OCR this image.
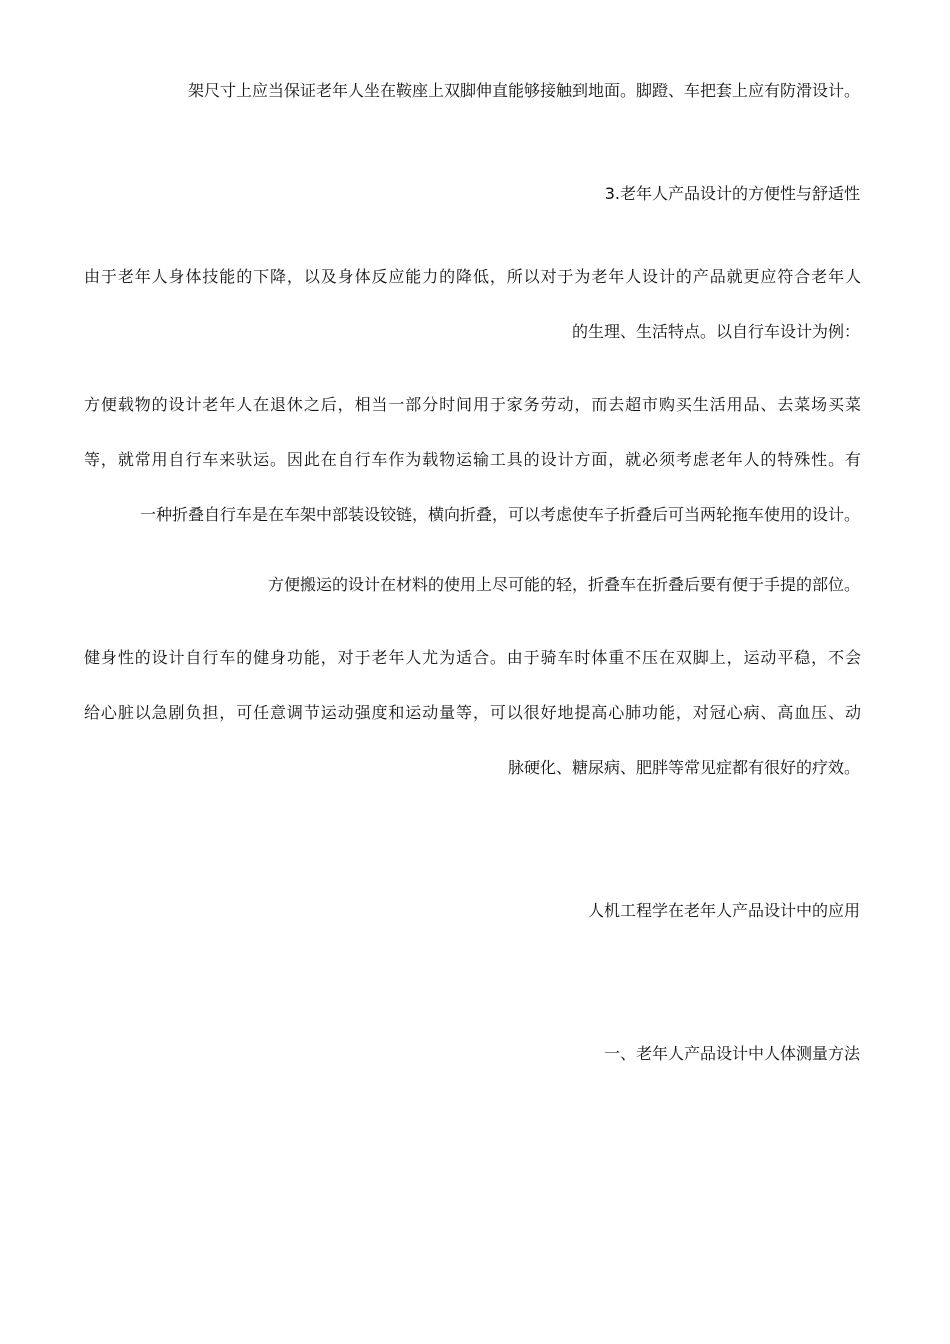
架尺寸上应当保证老年人坐在鞍座上双脚伸直能够接触到地面。脚蹬、车把套上应有防滑设计。
3.老年人产品设计的方便性与舒适性
由于老年人身体技能的下降，以及身体反应能力的降低，所以对于为老年人设计的产品就更应符合老年人
的生理、生活特点。以自行车设计为例：
方便载物的设计老年人在退休之后，相当一部分时间用于家务劳动，而去超市购买生活用品、去菜场买菜
等，就常用自行车来驮运。因此在自行车作为载物运输工具的设计方面，就必须考虑老年人的特殊性。有
一种折叠自行车是在车架中部装设铰链，横向折叠，可以考虑使车子折叠后可当两轮拖车使用的设计。
方便搬运的设计在材料的使用上尽可能的轻，折叠车在折叠后要有便于手提的部位。
健身性的设计自行车的健身功能，对于老年人尤为适合。由于骑车时体重不压在双脚上，运动平稳，不会
给心脏以急剧负担，可任意调节运动强度和运动量等，可以很好地提高心肺功能，对冠心病、高血压、动
脉硬化、糖尿病、肥胖等常见症都有很好的疗效。
人机工程学在老年人产品设计中的应用
一、老年人产品设计中人体测量方法
